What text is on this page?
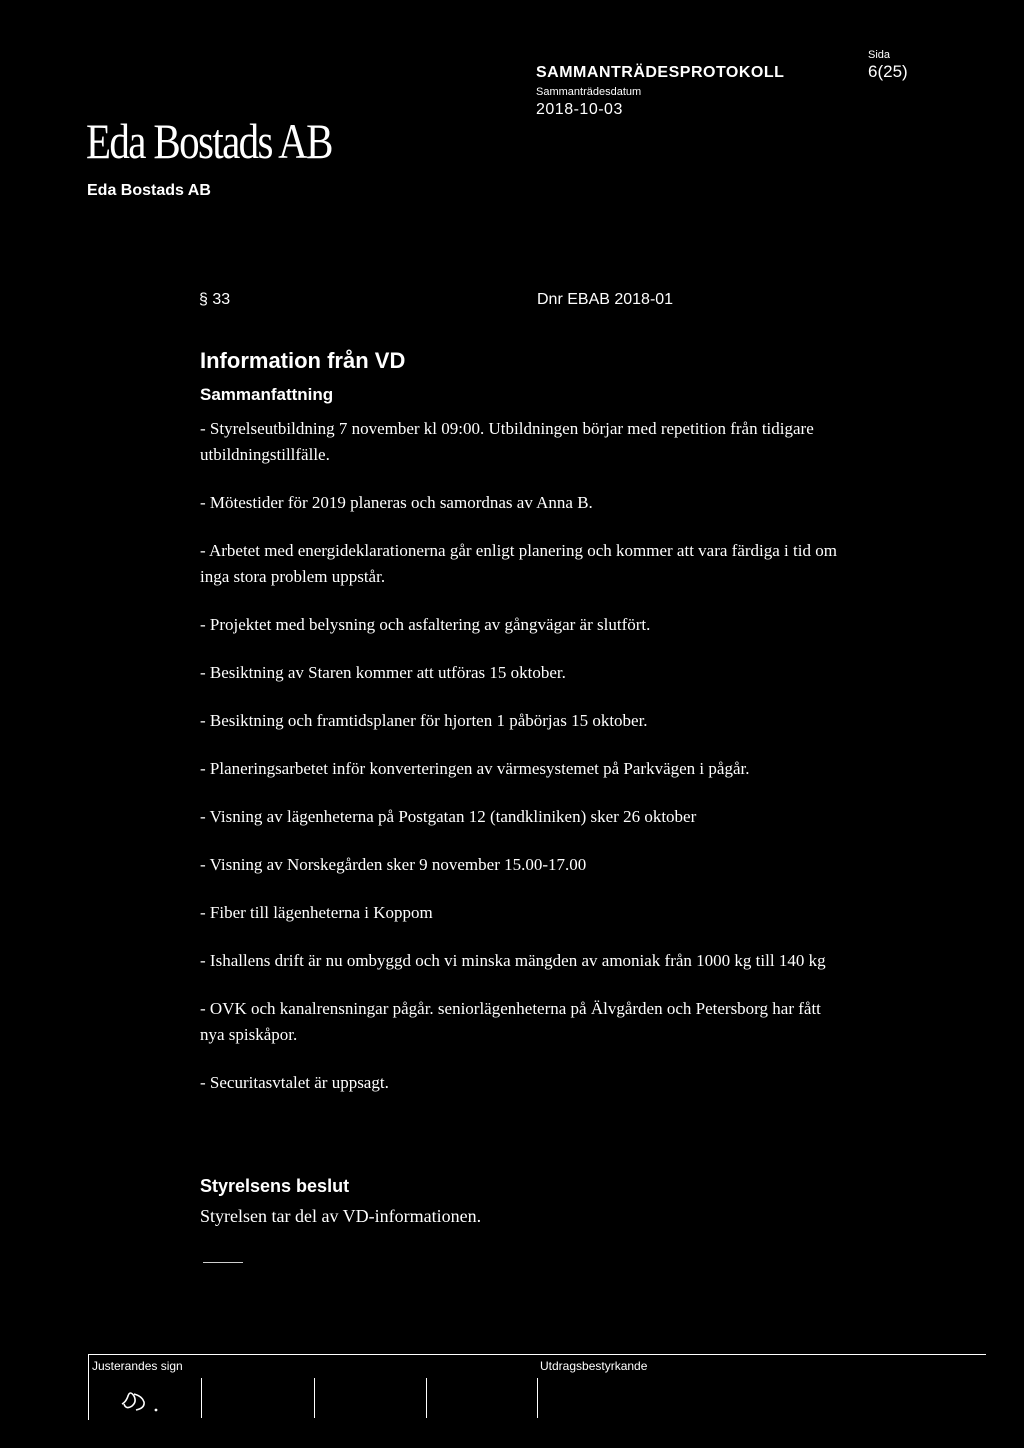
Eda Bostads AB
Eda Bostads AB
SAMMANTRÄDESPROTOKOLL
Sammanträdesdatum
2018-10-03
Sida
6(25)
§ 33	Dnr EBAB 2018-01
Information från VD
Sammanfattning

- Styrelseutbildning 7 november kl 09:00. Utbildningen börjar med repetition från tidigare utbildningstillfälle.

- Mötestider för 2019 planeras och samordnas av Anna B.

- Arbetet med energideklarationerna går enligt planering och kommer att vara färdiga i tid om inga stora problem uppstår.

- Projektet med belysning och asfaltering av gångvägar är slutfört.

- Besiktning av Staren kommer att utföras 15 oktober.

- Besiktning och framtidsplaner för hjorten 1 påbörjas 15 oktober.

- Planeringsarbetet inför konverteringen av värmesystemet på Parkvägen i pågår.

- Visning av lägenheterna på Postgatan 12 (tandkliniken) sker 26 oktober

- Visning av Norskegården sker 9 november 15.00-17.00

- Fiber till lägenheterna i Koppom

- Ishallens drift är nu ombyggd och vi minska mängden av amoniak från 1000 kg till 140 kg

- OVK och kanalrensningar pågår. seniorlägenheterna på Älvgården och Petersborg har fått nya spiskåpor.

- Securitasvtalet är uppsagt.

Styrelsens beslut
Styrelsen tar del av VD-informationen.
Justerandes sign	Utdragsbestyrkande
